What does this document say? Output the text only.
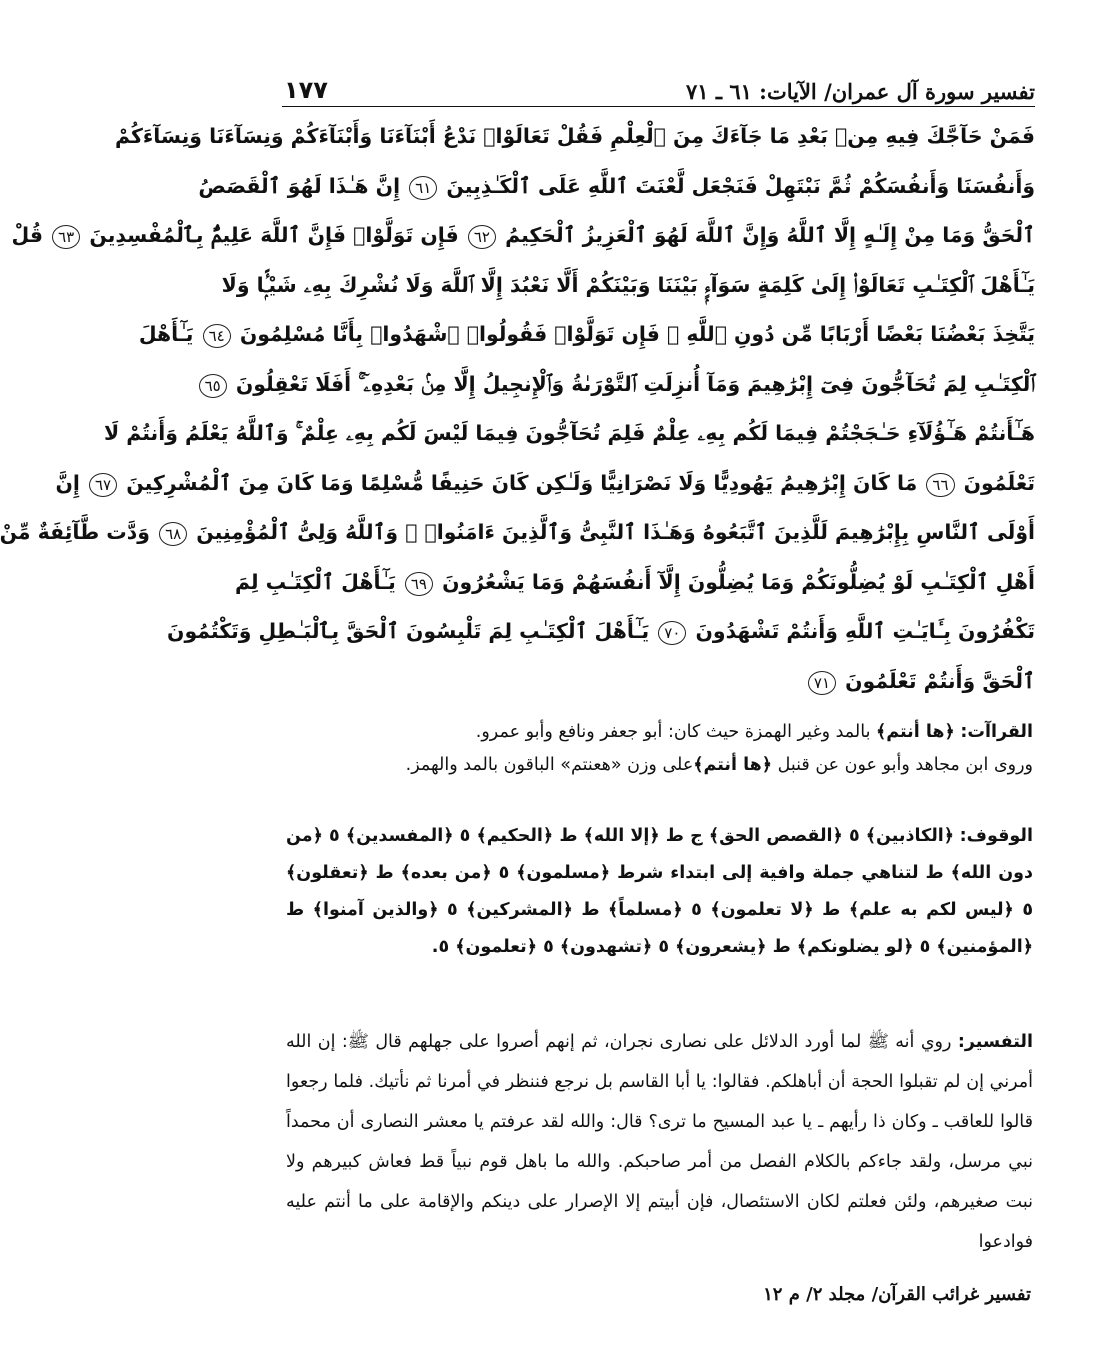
تفسير سورة آل عمران/ الآيات: ٦١ ـ ٧١
١٧٧
فَمَنْ حَآجَّكَ فِيهِ مِنۢ بَعْدِ مَا جَآءَكَ مِنَ ٱلْعِلْمِ فَقُلْ تَعَالَوْا۟ نَدْعُ أَبْنَآءَنَا وَأَبْنَآءَكُمْ وَنِسَآءَنَا وَنِسَآءَكُمْ
وَأَنفُسَنَا وَأَنفُسَكُمْ ثُمَّ نَبْتَهِلْ فَنَجْعَل لَّعْنَتَ ٱللَّهِ عَلَى ٱلْكَـٰذِبِينَ ٦١ إِنَّ هَـٰذَا لَهُوَ ٱلْقَصَصُ
ٱلْحَقُّ وَمَا مِنْ إِلَـٰهٍ إِلَّا ٱللَّهُ وَإِنَّ ٱللَّهَ لَهُوَ ٱلْعَزِيزُ ٱلْحَكِيمُ ٦٢ فَإِن تَوَلَّوْا۟ فَإِنَّ ٱللَّهَ عَلِيمٌۢ بِٱلْمُفْسِدِينَ ٦٣ قُلْ
يَـٰٓأَهْلَ ٱلْكِتَـٰبِ تَعَالَوْا۟ إِلَىٰ كَلِمَةٍ سَوَآءٍۭ بَيْنَنَا وَبَيْنَكُمْ أَلَّا نَعْبُدَ إِلَّا ٱللَّهَ وَلَا نُشْرِكَ بِهِۦ شَيْـًۭٔا وَلَا
يَتَّخِذَ بَعْضُنَا بَعْضًا أَرْبَابًا مِّن دُونِ ٱللَّهِ ۚ فَإِن تَوَلَّوْا۟ فَقُولُوا۟ ٱشْهَدُوا۟ بِأَنَّا مُسْلِمُونَ ٦٤ يَـٰٓأَهْلَ
ٱلْكِتَـٰبِ لِمَ تُحَآجُّونَ فِىٓ إِبْرَٰهِيمَ وَمَآ أُنزِلَتِ ٱلتَّوْرَىٰةُ وَٱلْإِنجِيلُ إِلَّا مِنۢ بَعْدِهِۦٓ ۚ أَفَلَا تَعْقِلُونَ ٦٥
هَـٰٓأَنتُمْ هَـٰٓؤُلَآءِ حَـٰجَجْتُمْ فِيمَا لَكُم بِهِۦ عِلْمٌ فَلِمَ تُحَآجُّونَ فِيمَا لَيْسَ لَكُم بِهِۦ عِلْمٌ ۚ وَٱللَّهُ يَعْلَمُ وَأَنتُمْ لَا
تَعْلَمُونَ ٦٦ مَا كَانَ إِبْرَٰهِيمُ يَهُودِيًّا وَلَا نَصْرَانِيًّا وَلَـٰكِن كَانَ حَنِيفًا مُّسْلِمًا وَمَا كَانَ مِنَ ٱلْمُشْرِكِينَ ٦٧ إِنَّ
أَوْلَى ٱلنَّاسِ بِإِبْرَٰهِيمَ لَلَّذِينَ ٱتَّبَعُوهُ وَهَـٰذَا ٱلنَّبِىُّ وَٱلَّذِينَ ءَامَنُوا۟ ۗ وَٱللَّهُ وَلِىُّ ٱلْمُؤْمِنِينَ ٦٨ وَدَّت طَّآئِفَةٌ مِّنْ
أَهْلِ ٱلْكِتَـٰبِ لَوْ يُضِلُّونَكُمْ وَمَا يُضِلُّونَ إِلَّآ أَنفُسَهُمْ وَمَا يَشْعُرُونَ ٦٩ يَـٰٓأَهْلَ ٱلْكِتَـٰبِ لِمَ
تَكْفُرُونَ بِـَٔايَـٰتِ ٱللَّهِ وَأَنتُمْ تَشْهَدُونَ ٧٠ يَـٰٓأَهْلَ ٱلْكِتَـٰبِ لِمَ تَلْبِسُونَ ٱلْحَقَّ بِٱلْبَـٰطِلِ وَتَكْتُمُونَ
ٱلْحَقَّ وَأَنتُمْ تَعْلَمُونَ ٧١

القراآت: ﴿ها أنتم﴾ بالمد وغير الهمزة حيث كان: أبو جعفر ونافع وأبو عمرو.

وروى ابن مجاهد وأبو عون عن قنبل ﴿ها أنتم﴾على وزن «هعنتم» الباقون بالمد والهمز.

الوقوف: ﴿الكاذبين﴾ ٥ ﴿القصص الحق﴾ ج ط ﴿إلا الله﴾ ط ﴿الحكيم﴾ ٥ ﴿المفسدين﴾ ٥ ﴿من دون الله﴾ ط لتناهي جملة وافية إلى ابتداء شرط ﴿مسلمون﴾ ٥ ﴿من بعده﴾ ط ﴿تعقلون﴾ ٥ ﴿ليس لكم به علم﴾ ط ﴿لا تعلمون﴾ ٥ ﴿مسلماً﴾ ط ﴿المشركين﴾ ٥ ﴿والذين آمنوا﴾ ط ﴿المؤمنين﴾ ٥ ﴿لو يضلونكم﴾ ط ﴿يشعرون﴾ ٥ ﴿تشهدون﴾ ٥ ﴿تعلمون﴾ ٥.

التفسير: روي أنه ﷺ لما أورد الدلائل على نصارى نجران، ثم إنهم أصروا على جهلهم قال ﷺ: إن الله أمرني إن لم تقبلوا الحجة أن أباهلكم. فقالوا: يا أبا القاسم بل نرجع فننظر في أمرنا ثم نأتيك. فلما رجعوا قالوا للعاقب ـ وكان ذا رأيهم ـ يا عبد المسيح ما ترى؟ قال: والله لقد عرفتم يا معشر النصارى أن محمداً نبي مرسل، ولقد جاءكم بالكلام الفصل من أمر صاحبكم. والله ما باهل قوم نبياً قط فعاش كبيرهم ولا نبت صغيرهم، ولئن فعلتم لكان الاستئصال، فإن أبيتم إلا الإصرار على دينكم والإقامة على ما أنتم عليه فوادعوا

تفسير غرائب القرآن/ مجلد ٢/ م ١٢
